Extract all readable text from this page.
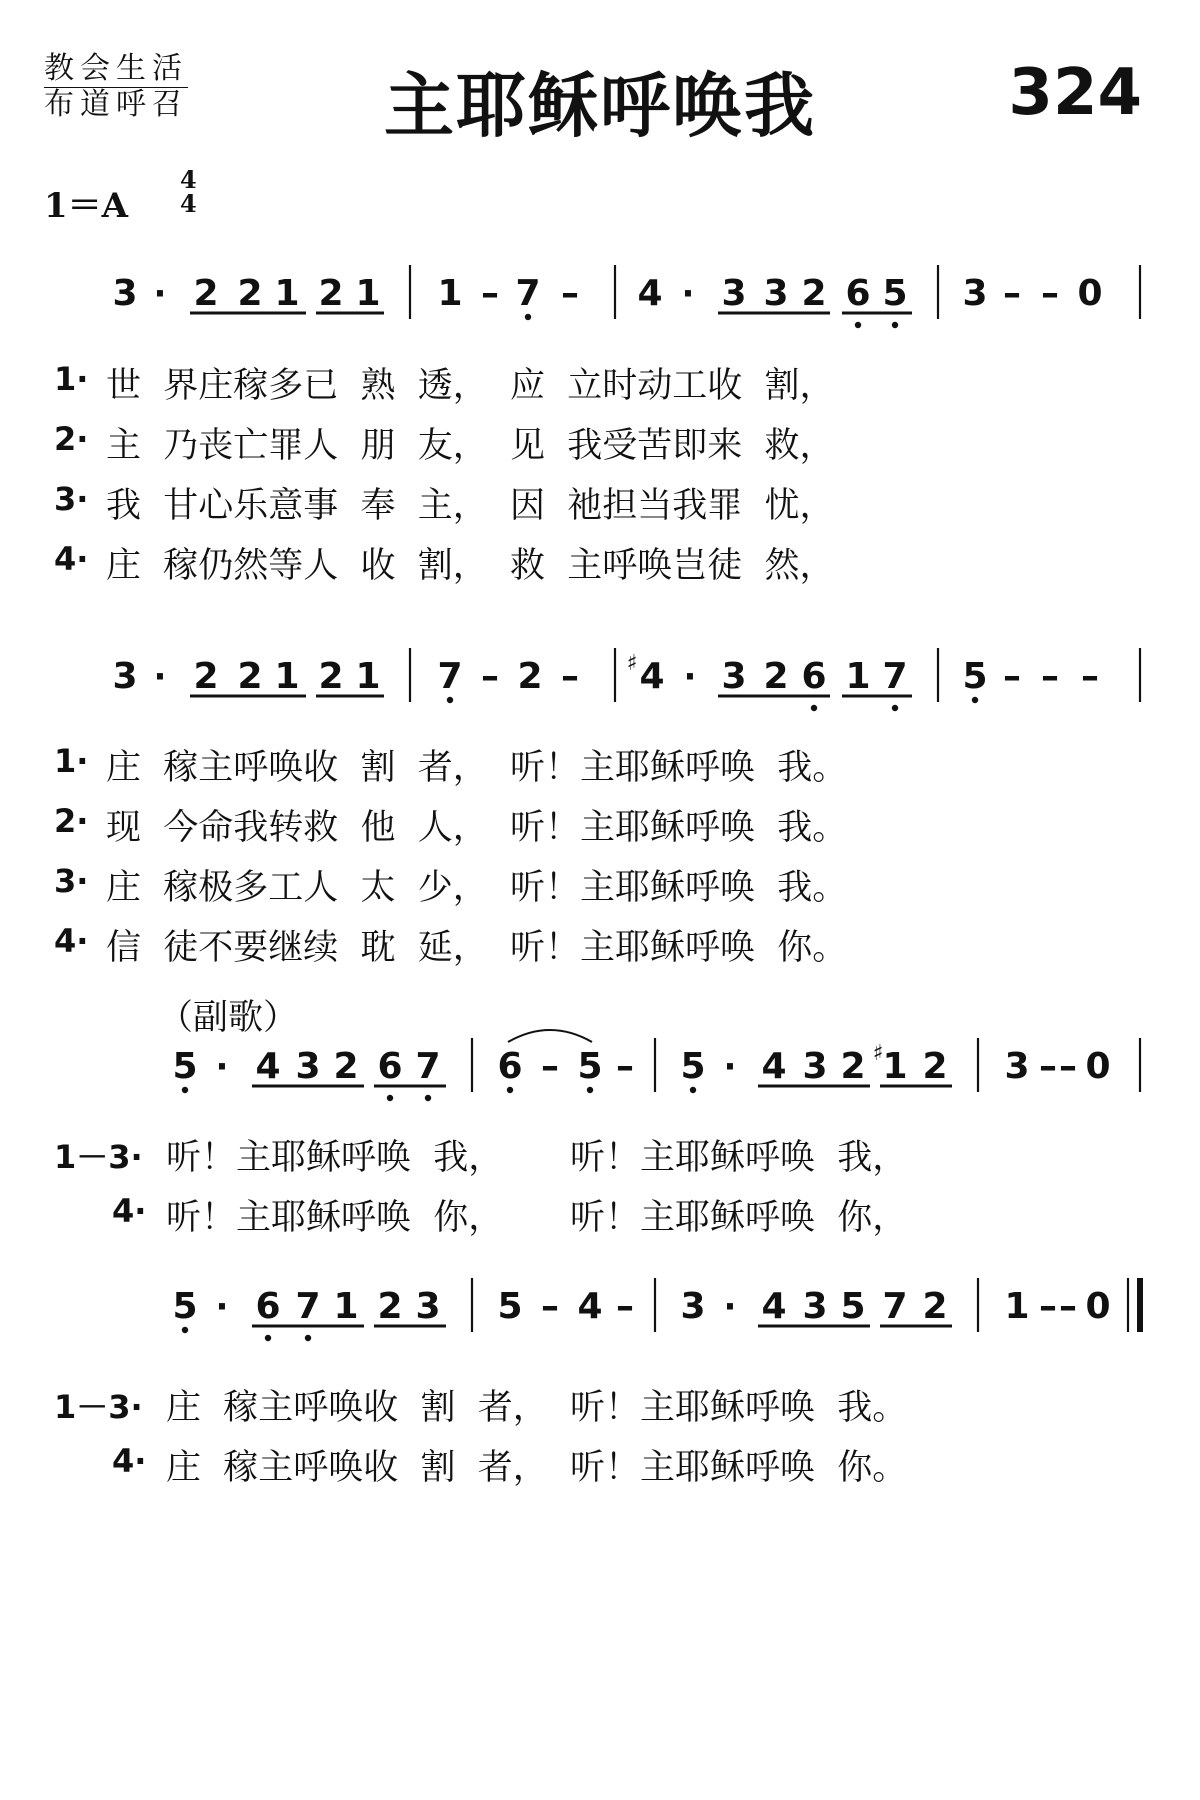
教会生活
布道呼召	主耶稣呼唤我	324
1＝A
4
4
（副歌）
3 · 2 2 1 2 1 1 – 7 – 4 · 3 3 2 6 5 3 – – 0
3 · 2 2 1 2 1 7 – 2 – ♯ 4 · 3 2 6 1 7 5 – – –
5 · 4 3 2 6 7 6 – 5 – 5 · 4 3 2 ♯ 1 2 3 – – 0
5 · 6 7 1 2 3 5 – 4 – 3 · 4 3 5 7 2 1 – – 0
1· 世  界庄稼多已  熟  透，  应  立时动工收  割，
2· 主  乃丧亡罪人  朋  友，  见  我受苦即来  救，
3· 我  甘心乐意事  奉  主，  因  祂担当我罪  忧，
4· 庄  稼仍然等人  收  割，  救  主呼唤岂徒  然，
1· 庄  稼主呼唤收  割  者，  听！主耶稣呼唤  我。
2· 现  今命我转救  他  人，  听！主耶稣呼唤  我。
3· 庄  稼极多工人  太  少，  听！主耶稣呼唤  我。
4· 信  徒不要继续  耽  延，  听！主耶稣呼唤  你。
1－3· 听！主耶稣呼唤  我，      听！主耶稣呼唤  我，
4· 听！主耶稣呼唤  你，      听！主耶稣呼唤  你，
1－3· 庄  稼主呼唤收  割  者，  听！主耶稣呼唤  我。
4· 庄  稼主呼唤收  割  者，  听！主耶稣呼唤  你。
